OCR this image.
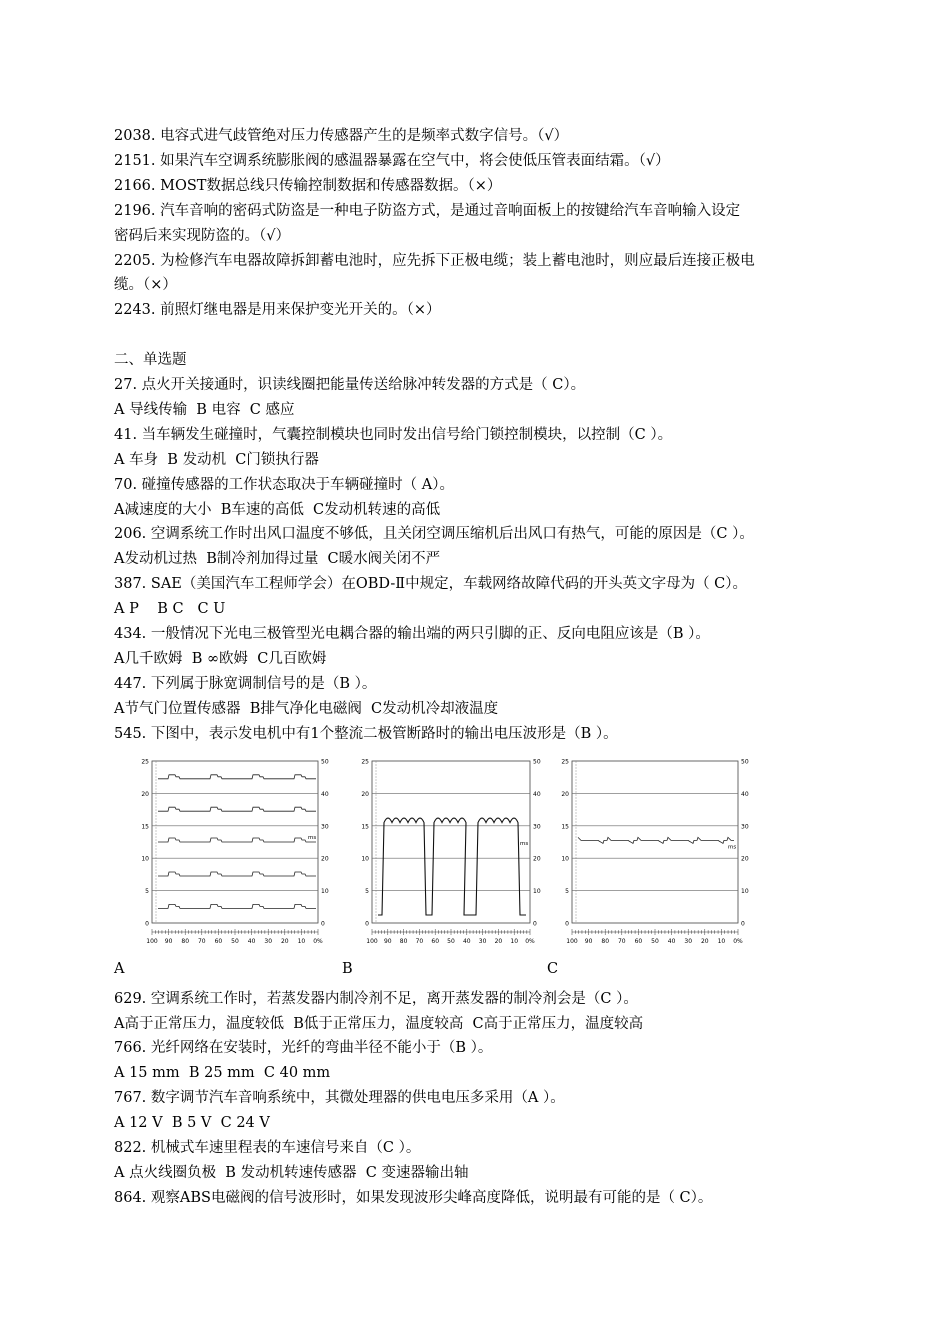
2038. 电容式进气歧管绝对压力传感器产生的是频率式数字信号。（√）
2151. 如果汽车空调系统膨胀阀的感温器暴露在空气中，将会使低压管表面结霜。（√）
2166. MOST数据总线只传输控制数据和传感器数据。（×）
2196. 汽车音响的密码式防盗是一种电子防盗方式，是通过音响面板上的按键给汽车音响输入设定
密码后来实现防盗的。（√）
2205. 为检修汽车电器故障拆卸蓄电池时，应先拆下正极电缆；装上蓄电池时，则应最后连接正极电
缆。（×）
2243. 前照灯继电器是用来保护变光开关的。（×）
二、单选题
27. 点火开关接通时，识读线圈把能量传送给脉冲转发器的方式是（ C）。
A 导线传输  B 电容  C 感应
41. 当车辆发生碰撞时，气囊控制模块也同时发出信号给门锁控制模块，以控制（C ）。
A 车身  B 发动机  C门锁执行器
70. 碰撞传感器的工作状态取决于车辆碰撞时（ A）。
A减速度的大小  B车速的高低  C发动机转速的高低
206. 空调系统工作时出风口温度不够低，且关闭空调压缩机后出风口有热气，可能的原因是（C ）。
A发动机过热  B制冷剂加得过量  C暖水阀关闭不严
387. SAE（美国汽车工程师学会）在OBD-Ⅱ中规定，车载网络故障代码的开头英文字母为（ C）。
A P    B C   C U
434. 一般情况下光电三极管型光电耦合器的输出端的两只引脚的正、反向电阻应该是（B ）。
A几千欧姆  B ∞欧姆  C几百欧姆
447. 下列属于脉宽调制信号的是（B ）。
A节气门位置传感器  B排气净化电磁阀  C发动机冷却液温度
545. 下图中，表示发电机中有1个整流二极管断路时的输出电压波形是（B ）。
25	50
20	40
15	30
10	20
5	10
0	0
100 90 80 70 60 50 40 30 20 10 0%
ms
25	50
20	40
15	30
10	20
5	10
0	0
100 90 80 70 60 50 40 30 20 10 0%
ms
25	50
20	40
15	30
10	20
5	10
0	0
100 90 80 70 60 50 40 30 20 10 0%
ms
A	B	C
629. 空调系统工作时，若蒸发器内制冷剂不足，离开蒸发器的制冷剂会是（C ）。
A高于正常压力，温度较低  B低于正常压力，温度较高  C高于正常压力，温度较高
766. 光纤网络在安装时，光纤的弯曲半径不能小于（B ）。
A 15 mm  B 25 mm  C 40 mm
767. 数字调节汽车音响系统中，其微处理器的供电电压多采用（A ）。
A 12 V  B 5 V  C 24 V
822. 机械式车速里程表的车速信号来自（C ）。
A 点火线圈负极  B 发动机转速传感器  C 变速器输出轴
864. 观察ABS电磁阀的信号波形时，如果发现波形尖峰高度降低，说明最有可能的是（ C）。
